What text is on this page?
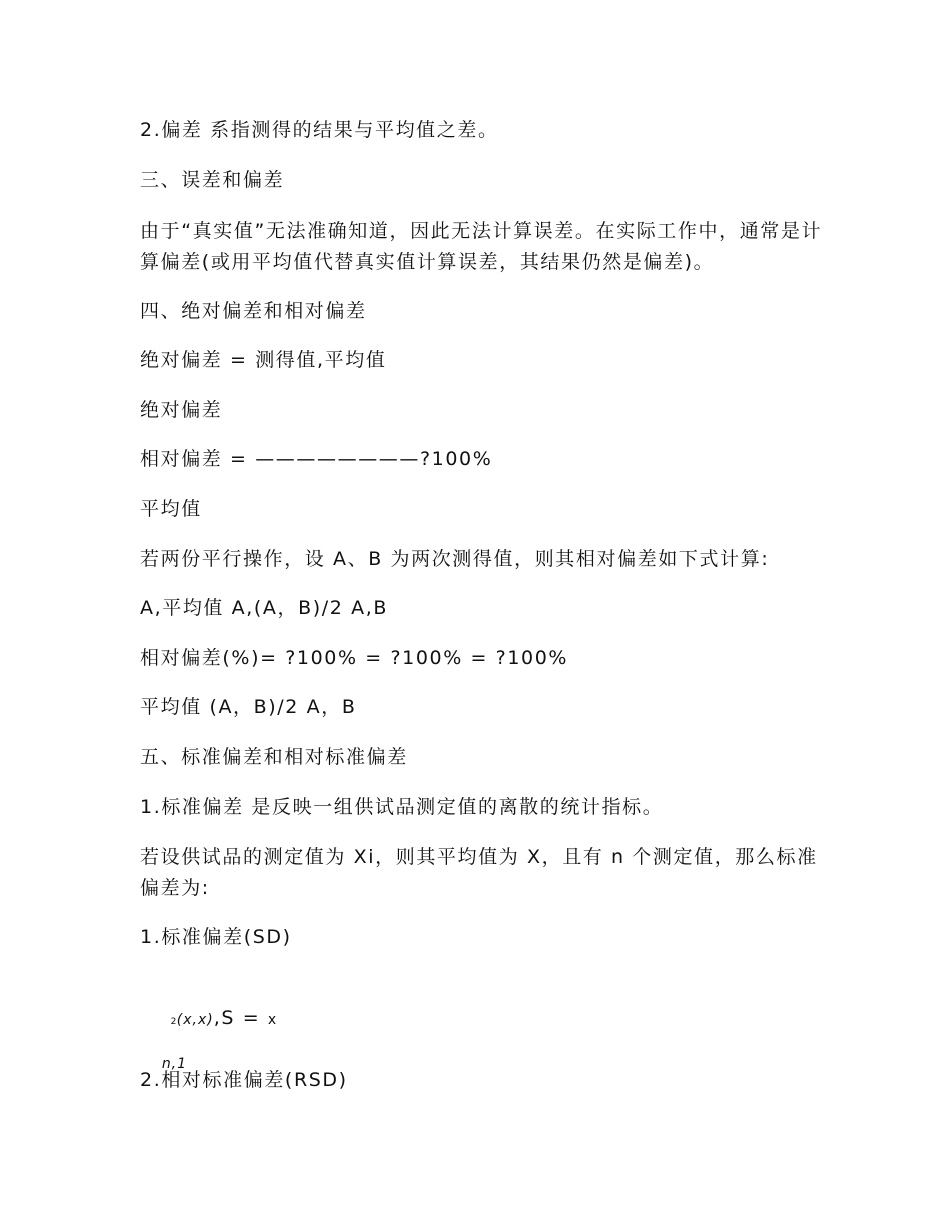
2.偏差 系指测得的结果与平均值之差。
三、误差和偏差
由于“真实值”无法准确知道，因此无法计算误差。在实际工作中，通常是计算偏差(或用平均值代替真实值计算误差，其结果仍然是偏差)。
四、绝对偏差和相对偏差
绝对偏差 = 测得值,平均值
绝对偏差
相对偏差 = ————————?100%
平均值
若两份平行操作，设 A、B 为两次测得值，则其相对偏差如下式计算:
A,平均值 A,(A，B)/2 A,B
相对偏差(%)= ?100% = ?100% = ?100%
平均值 (A，B)/2 A，B
五、标准偏差和相对标准偏差
1.标准偏差 是反映一组供试品测定值的离散的统计指标。
若设供试品的测定值为 Xi，则其平均值为 X，且有 n 个测定值，那么标准偏差为:
1.标准偏差(SD)

2(x,x),S = x

n,1

2.相对标准偏差(RSD)
